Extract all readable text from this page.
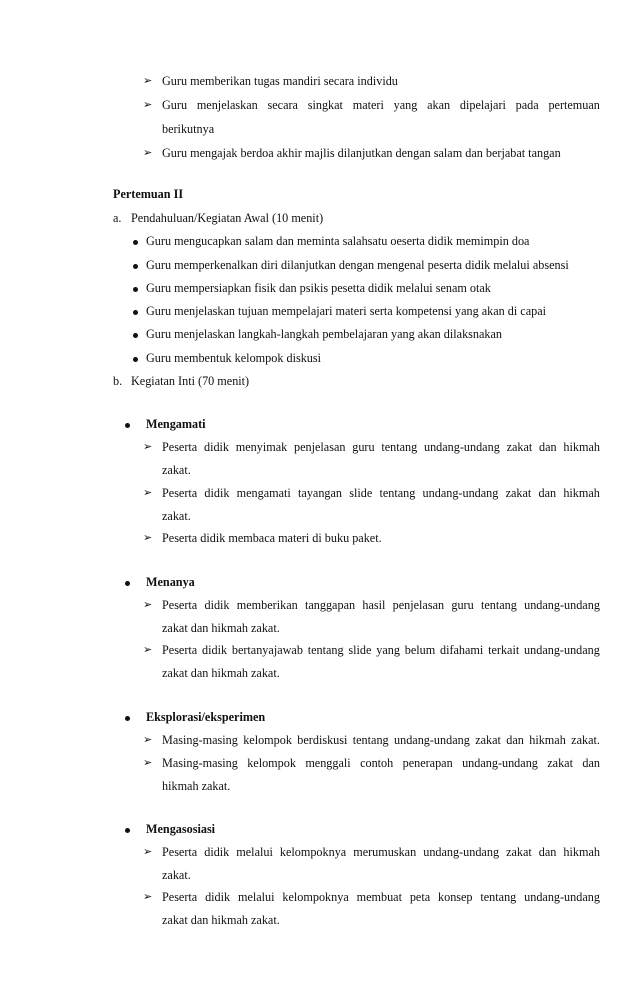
➢ Guru memberikan tugas mandiri secara individu
➢ Guru menjelaskan secara singkat materi yang akan dipelajari pada pertemuan
berikutnya
➢ Guru mengajak berdoa akhir majlis dilanjutkan dengan salam dan berjabat tangan
Pertemuan II
a. Pendahuluan/Kegiatan Awal (10 menit)
Guru mengucapkan salam dan meminta salahsatu oeserta didik memimpin doa
Guru memperkenalkan diri dilanjutkan dengan mengenal peserta didik melalui absensi
Guru mempersiapkan fisik dan psikis pesetta didik melalui senam otak
Guru menjelaskan tujuan mempelajari materi serta kompetensi yang akan di capai
Guru menjelaskan langkah-langkah pembelajaran yang akan dilaksnakan
Guru membentuk kelompok diskusi
b. Kegiatan Inti (70 menit)
Mengamati
➢ Peserta didik menyimak penjelasan guru tentang undang-undang zakat dan hikmah
zakat.
➢ Peserta didik mengamati tayangan slide tentang undang-undang zakat dan hikmah
zakat.
➢ Peserta didik membaca materi di buku paket.
Menanya
➢ Peserta didik memberikan tanggapan hasil penjelasan guru tentang undang-undang
zakat dan hikmah zakat.
➢ Peserta didik bertanyajawab tentang slide yang belum difahami terkait undang-undang
zakat dan hikmah zakat.
Eksplorasi/eksperimen
➢ Masing-masing kelompok berdiskusi tentang undang-undang zakat dan hikmah zakat.
➢ Masing-masing kelompok menggali contoh penerapan undang-undang zakat dan
hikmah zakat.
Mengasosiasi
➢ Peserta didik melalui kelompoknya merumuskan undang-undang zakat dan hikmah
zakat.
➢ Peserta didik melalui kelompoknya membuat peta konsep tentang undang-undang
zakat dan hikmah zakat.
